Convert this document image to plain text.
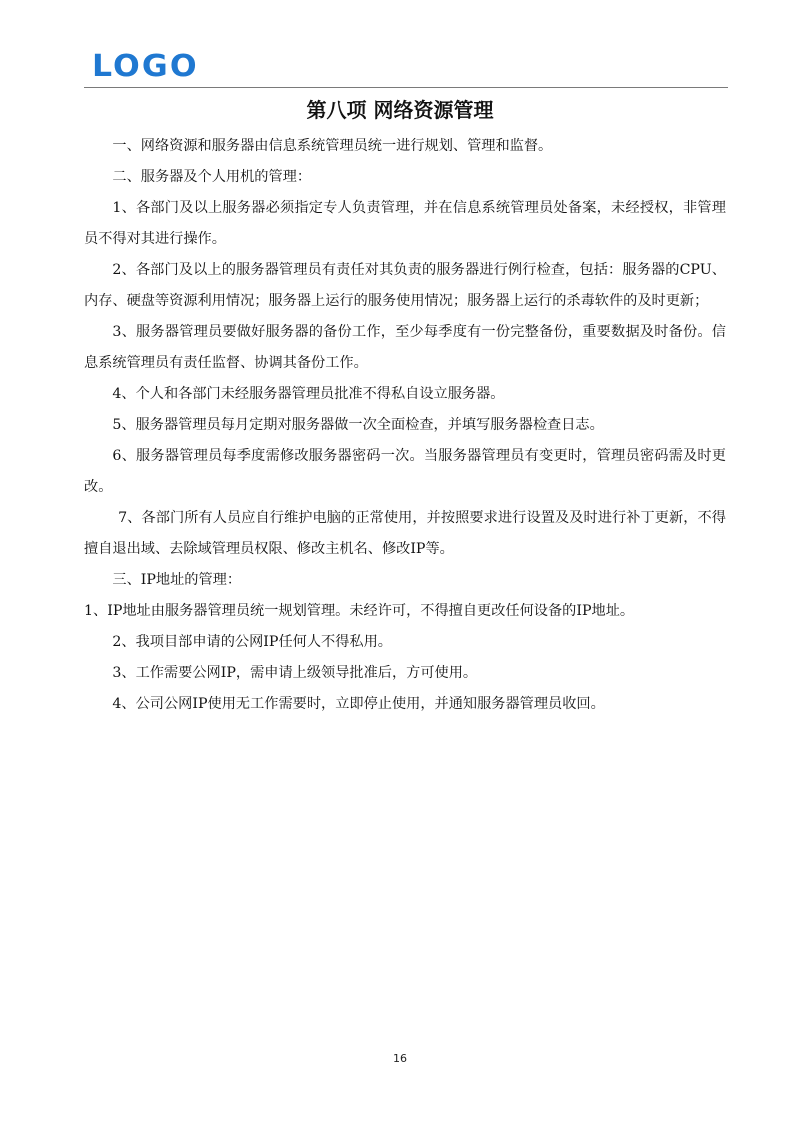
LOGO
第八项 网络资源管理

一、网络资源和服务器由信息系统管理员统一进行规划、管理和监督。

二、服务器及个人用机的管理：

1、各部门及以上服务器必须指定专人负责管理，并在信息系统管理员处备案，未经授权，非管理员不得对其进行操作。

2、各部门及以上的服务器管理员有责任对其负责的服务器进行例行检查，包括：服务器的CPU、内存、硬盘等资源利用情况；服务器上运行的服务使用情况；服务器上运行的杀毒软件的及时更新；

3、服务器管理员要做好服务器的备份工作，至少每季度有一份完整备份，重要数据及时备份。信息系统管理员有责任监督、协调其备份工作。

4、个人和各部门未经服务器管理员批准不得私自设立服务器。

5、服务器管理员每月定期对服务器做一次全面检查，并填写服务器检查日志。

6、服务器管理员每季度需修改服务器密码一次。当服务器管理员有变更时，管理员密码需及时更改。

7、各部门所有人员应自行维护电脑的正常使用，并按照要求进行设置及及时进行补丁更新，不得擅自退出域、去除域管理员权限、修改主机名、修改IP等。

三、IP地址的管理：

1、IP地址由服务器管理员统一规划管理。未经许可，不得擅自更改任何设备的IP地址。

2、我项目部申请的公网IP任何人不得私用。

3、工作需要公网IP，需申请上级领导批准后，方可使用。

4、公司公网IP使用无工作需要时，立即停止使用，并通知服务器管理员收回。

16
